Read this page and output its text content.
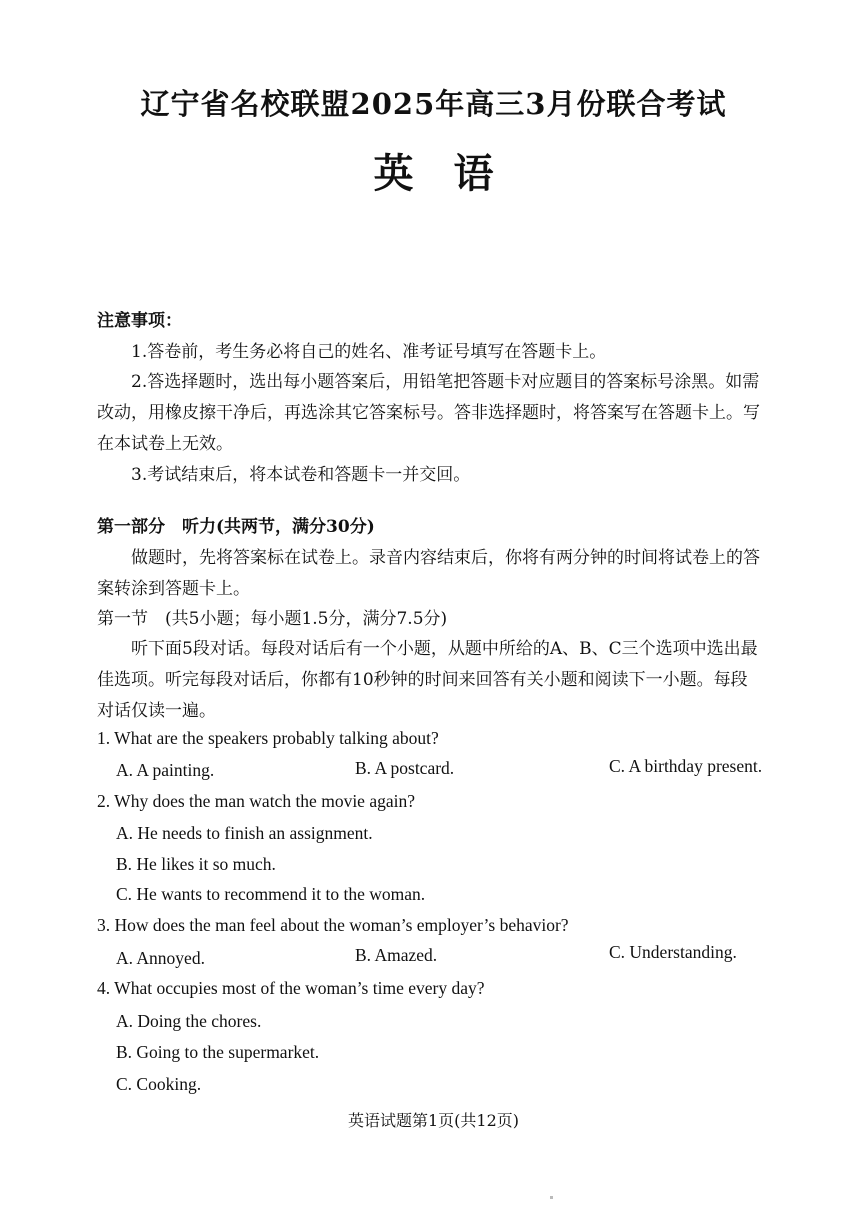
辽宁省名校联盟2025年高三3月份联合考试
英语
注意事项：
1.答卷前，考生务必将自己的姓名、准考证号填写在答题卡上。
2.答选择题时，选出每小题答案后，用铅笔把答题卡对应题目的答案标号涂黑。如需
改动，用橡皮擦干净后，再选涂其它答案标号。答非选择题时，将答案写在答题卡上。写
在本试卷上无效。
3.考试结束后，将本试卷和答题卡一并交回。
第一部分　听力(共两节，满分30分)
做题时，先将答案标在试卷上。录音内容结束后，你将有两分钟的时间将试卷上的答
案转涂到答题卡上。
第一节　(共5小题；每小题1.5分，满分7.5分)
听下面5段对话。每段对话后有一个小题，从题中所给的A、B、C三个选项中选出最
佳选项。听完每段对话后，你都有10秒钟的时间来回答有关小题和阅读下一小题。每段
对话仅读一遍。
1. What are the speakers probably talking about?
A. A painting.	B. A postcard.	C. A birthday present.
2. Why does the man watch the movie again?
A. He needs to finish an assignment.
B. He likes it so much.
C. He wants to recommend it to the woman.
3. How does the man feel about the woman’s employer’s behavior?
A. Annoyed.	B. Amazed.	C. Understanding.
4. What occupies most of the woman’s time every day?
A. Doing the chores.
B. Going to the supermarket.
C. Cooking.
英语试题第1页(共12页)
